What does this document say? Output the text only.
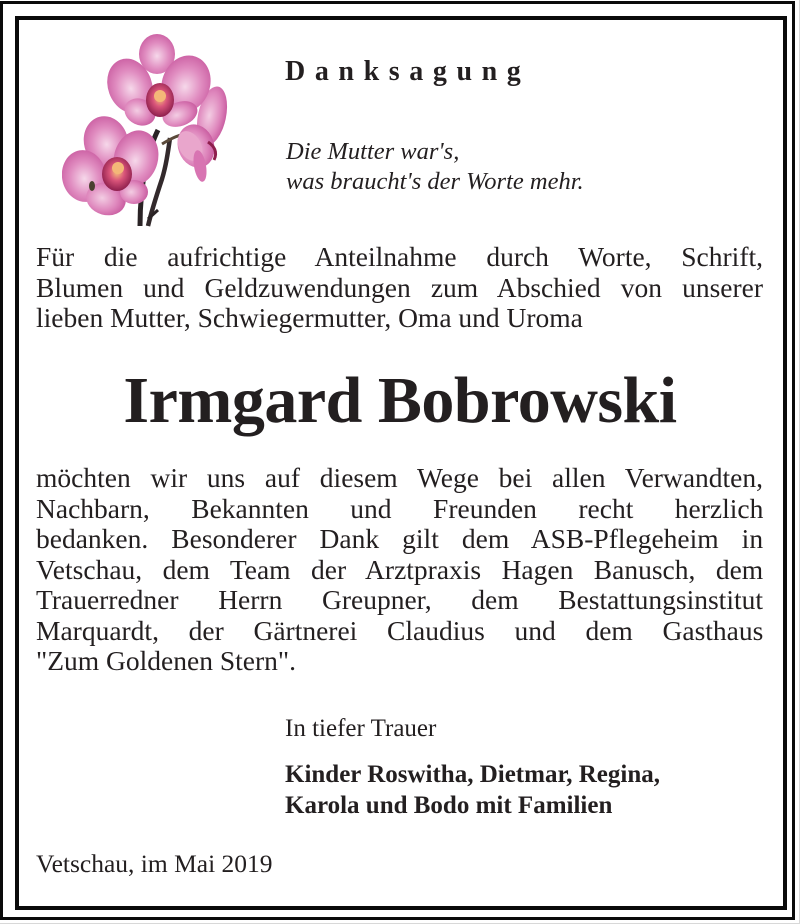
Danksagung
Die Mutter war's,
was braucht's der Worte mehr.
Für die aufrichtige Anteilnahme durch Worte, Schrift,
Blumen und Geldzuwendungen zum Abschied von unserer
lieben Mutter, Schwiegermutter, Oma und Uroma
Irmgard Bobrowski
möchten wir uns auf diesem Wege bei allen Verwandten,
Nachbarn, Bekannten und Freunden recht herzlich
bedanken. Besonderer Dank gilt dem ASB-Pflegeheim in
Vetschau, dem Team der Arztpraxis Hagen Banusch, dem
Trauerredner Herrn Greupner, dem Bestattungsinstitut
Marquardt, der Gärtnerei Claudius und dem Gasthaus
"Zum Goldenen Stern".
In tiefer Trauer
Kinder Roswitha, Dietmar, Regina,
Karola und Bodo mit Familien
Vetschau, im Mai 2019
